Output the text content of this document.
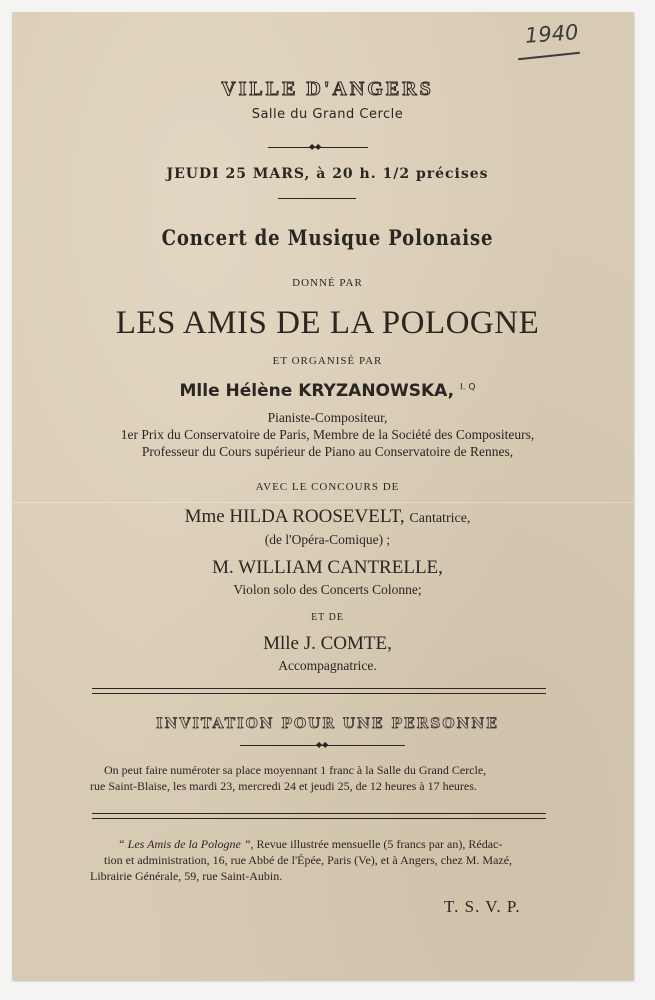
1940
VILLE D'ANGERS
Salle du Grand Cercle
◆◆
JEUDI 25 MARS, à 20 h. 1/2 précises
Concert de Musique Polonaise
DONNÉ PAR
LES AMIS DE LA POLOGNE
ET ORGANISÉ PAR
Mlle Hélène KRYZANOWSKA, $^{I. Q}$
Pianiste-Compositeur,
1er Prix du Conservatoire de Paris, Membre de la Société des Compositeurs,
Professeur du Cours supérieur de Piano au Conservatoire de Rennes,
AVEC LE CONCOURS DE
Mme HILDA ROOSEVELT, Cantatrice,
(de l'Opéra-Comique) ;
M. WILLIAM CANTRELLE,
Violon solo des Concerts Colonne;
ET DE
Mlle J. COMTE,
Accompagnatrice.
INVITATION POUR UNE PERSONNE
◆◆
On peut faire numéroter sa place moyennant 1 franc à la Salle du Grand Cercle,
rue Saint-Blaise, les mardi 23, mercredi 24 et jeudi 25, de 12 heures à 17 heures.
“ Les Amis de la Pologne ”, Revue illustrée mensuelle (5 francs par an), Rédac-
tion et administration, 16, rue Abbé de l'Épée, Paris (Ve), et à Angers, chez M. Mazé,
Librairie Générale, 59, rue Saint-Aubin.
T. S. V. P.
